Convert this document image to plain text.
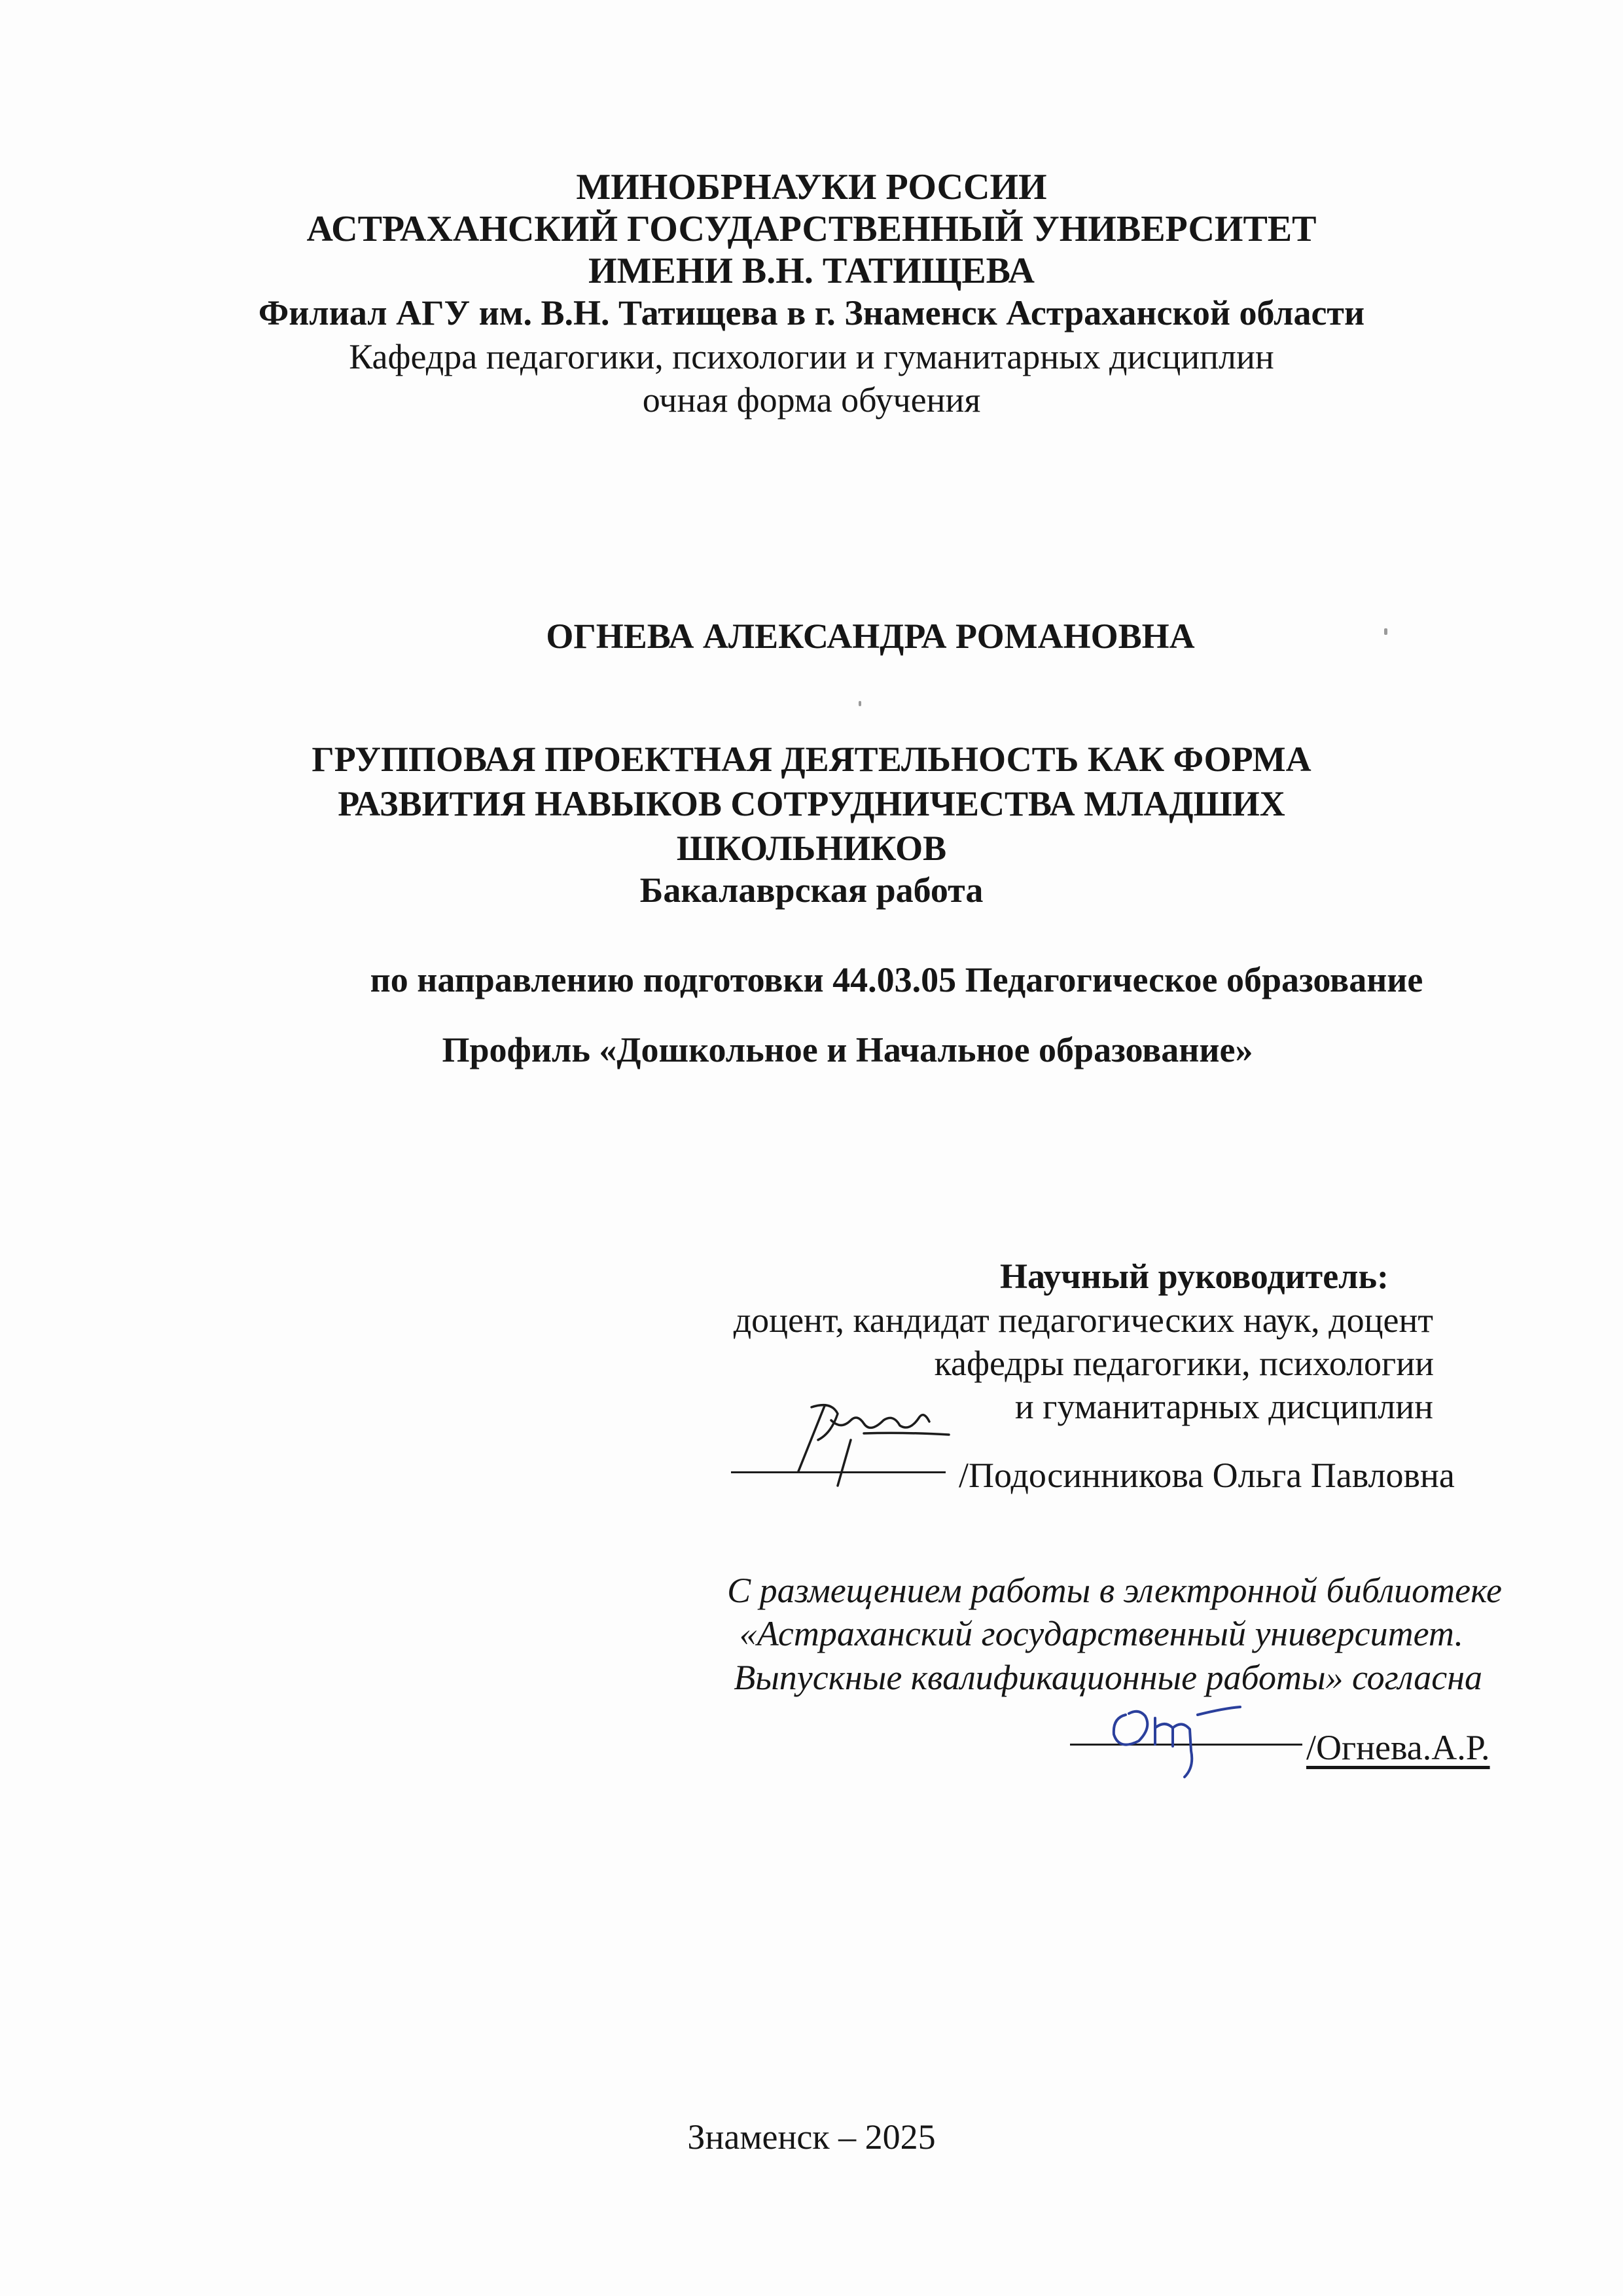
МИНОБРНАУКИ РОССИИ
АСТРАХАНСКИЙ ГОСУДАРСТВЕННЫЙ УНИВЕРСИТЕТ
ИМЕНИ В.Н. ТАТИЩЕВА
Филиал АГУ им. В.Н. Татищева в г. Знаменск Астраханской области
Кафедра педагогики, психологии и гуманитарных дисциплин
очная форма обучения
ОГНЕВА АЛЕКСАНДРА РОМАНОВНА
ГРУППОВАЯ ПРОЕКТНАЯ ДЕЯТЕЛЬНОСТЬ КАК ФОРМА
РАЗВИТИЯ НАВЫКОВ СОТРУДНИЧЕСТВА МЛАДШИХ
ШКОЛЬНИКОВ
Бакалаврская работа
по направлению подготовки 44.03.05 Педагогическое образование
Профиль «Дошкольное и Начальное образование»
Научный руководитель:
доцент, кандидат педагогических наук, доцент
кафедры педагогики, психологии
и гуманитарных дисциплин
/Подосинникова Ольга Павловна
С размещением работы в электронной библиотеке
«Астраханский государственный университет.
Выпускные квалификационные работы» согласна
/Огнева.А.Р.
Знаменск – 2025
